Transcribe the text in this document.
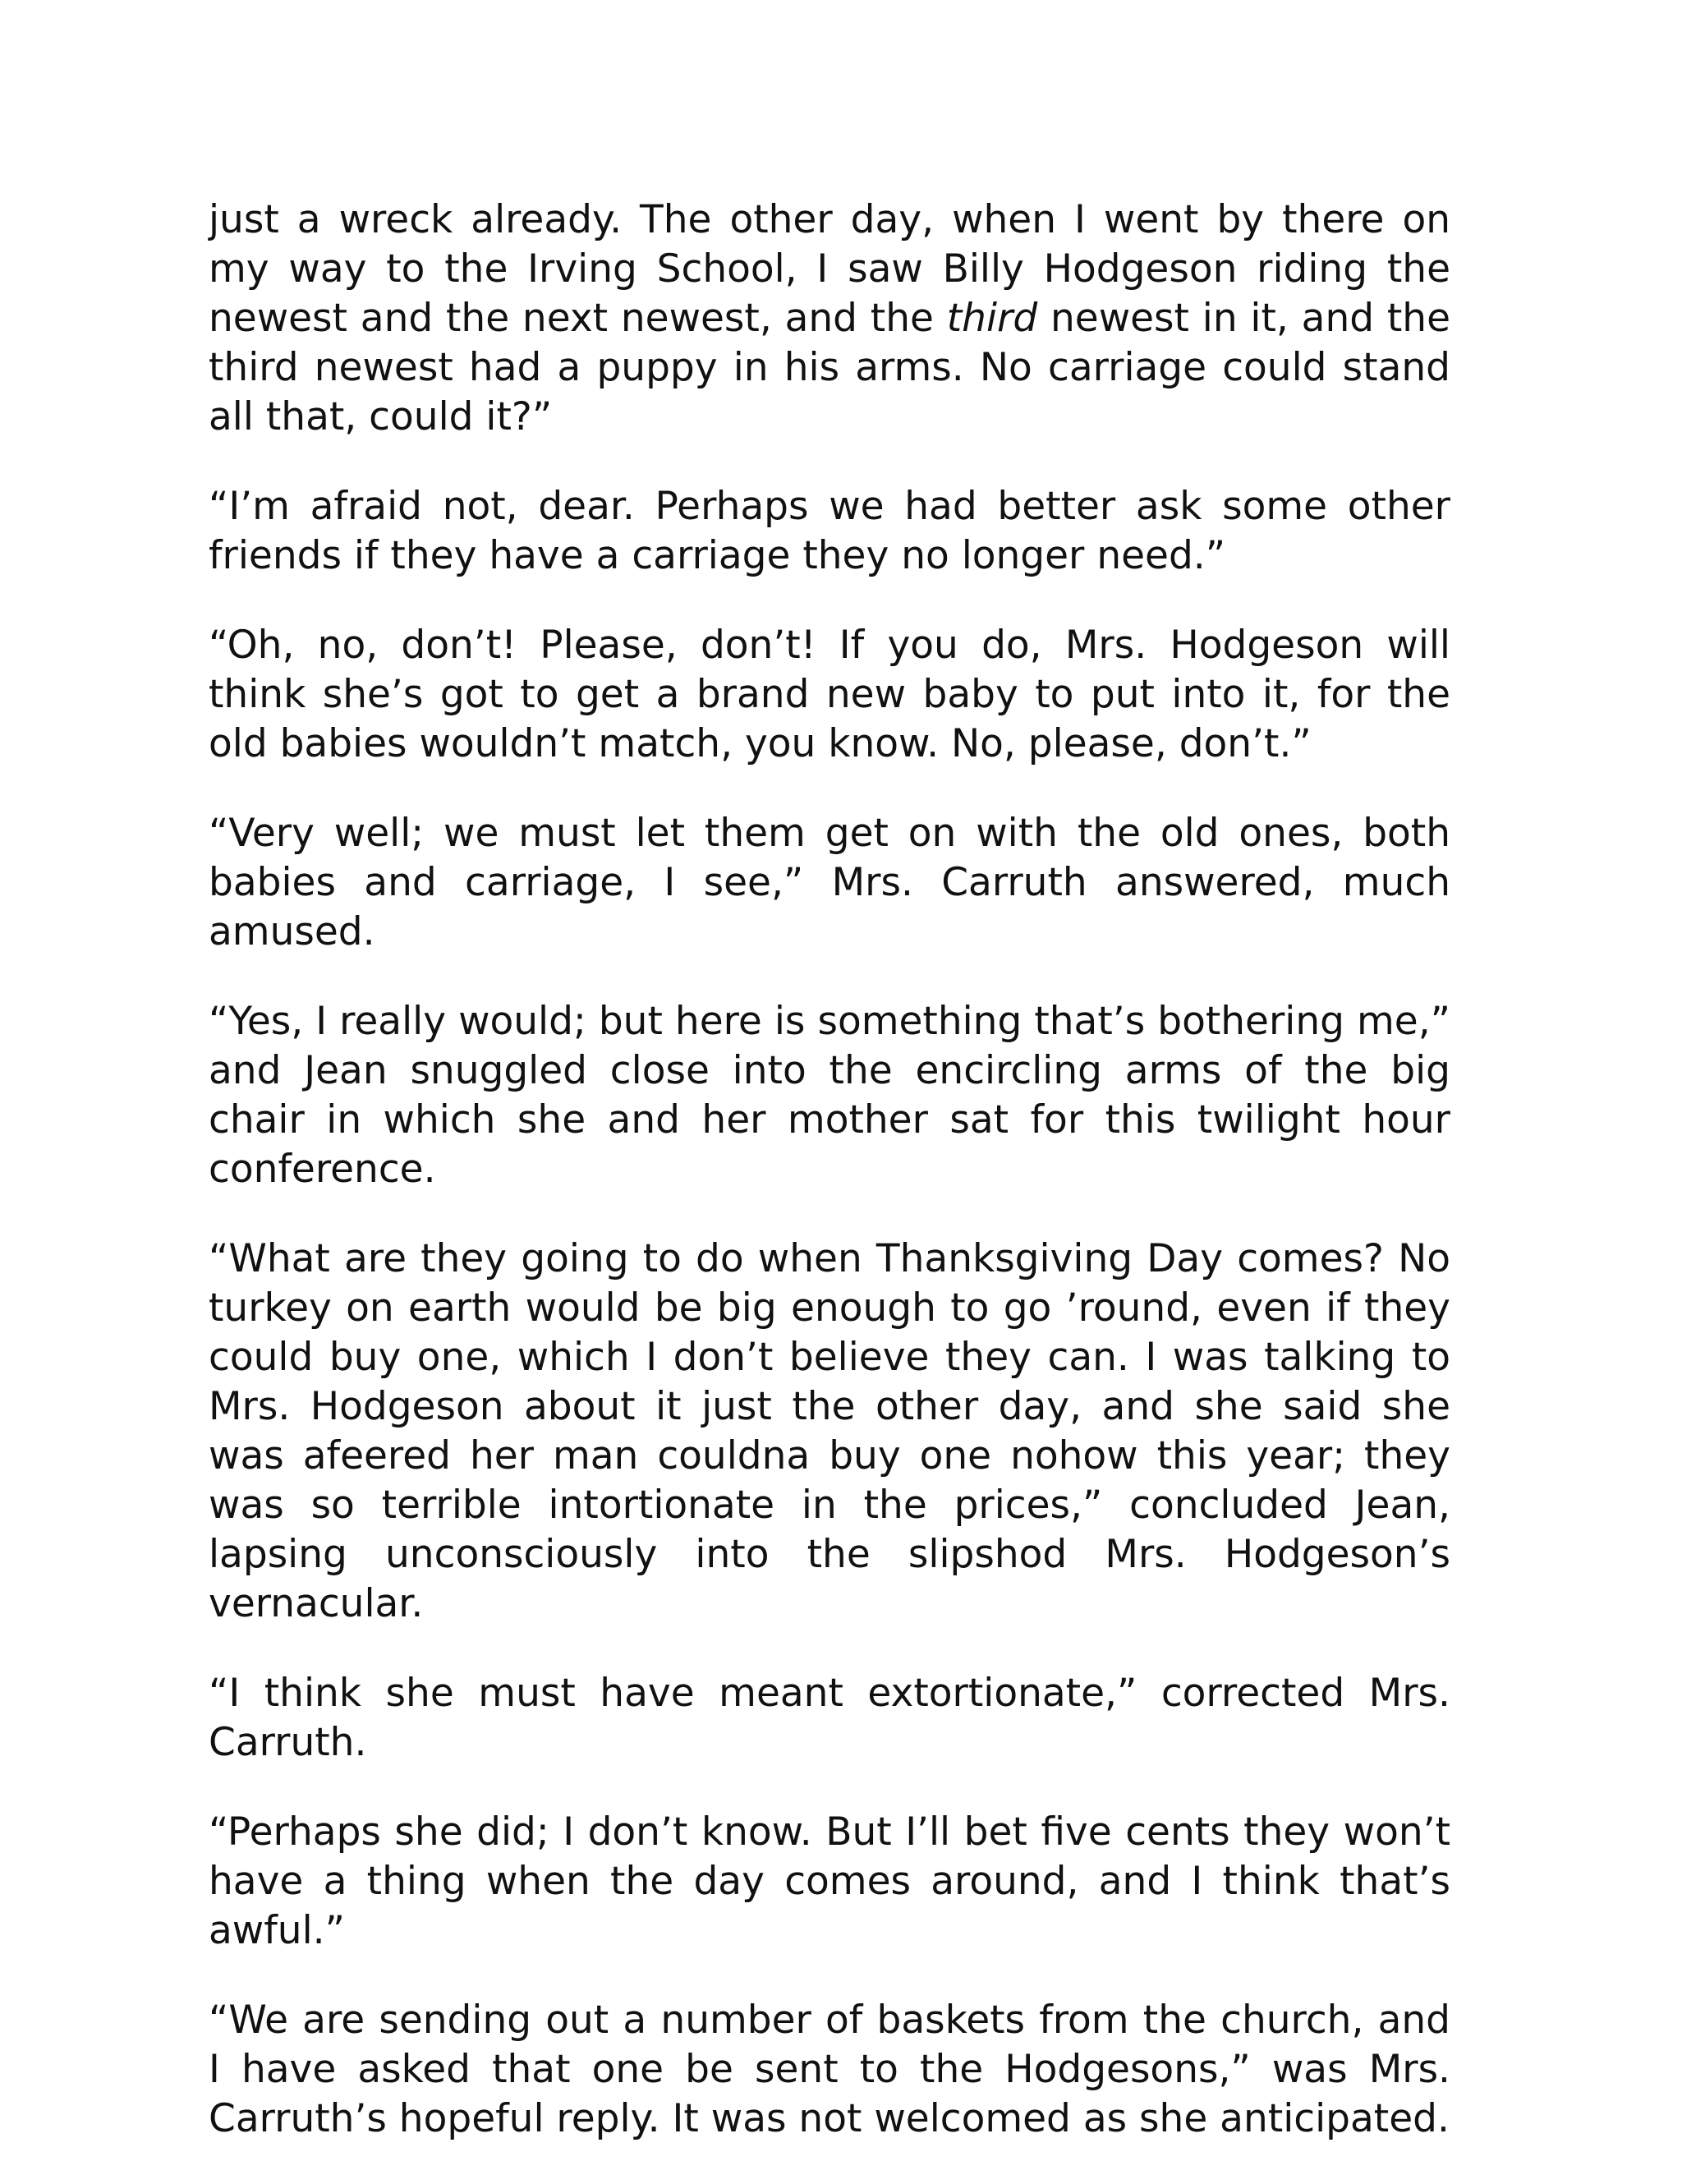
just a wreck already. The other day, when I went by there on my way to the Irving School, I saw Billy Hodgeson riding the newest and the next newest, and the third newest in it, and the third newest had a puppy in his arms. No carriage could stand all that, could it?”

“I’m afraid not, dear. Perhaps we had better ask some other friends if they have a carriage they no longer need.”

“Oh, no, don’t! Please, don’t! If you do, Mrs. Hodgeson will think she’s got to get a brand new baby to put into it, for the old babies wouldn’t match, you know. No, please, don’t.”

“Very well; we must let them get on with the old ones, both babies and carriage, I see,” Mrs. Carruth answered, much amused.

“Yes, I really would; but here is something that’s bothering me,” and Jean snuggled close into the encircling arms of the big chair in which she and her mother sat for this twilight hour conference.

“What are they going to do when Thanksgiving Day comes? No turkey on earth would be big enough to go ’round, even if they could buy one, which I don’t believe they can. I was talking to Mrs. Hodgeson about it just the other day, and she said she was afeered her man couldna buy one nohow this year; they was so terrible intortionate in the prices,” concluded Jean, lapsing unconsciously into the slipshod Mrs. Hodgeson’s vernacular.

“I think she must have meant extortionate,” corrected Mrs. Carruth.

“Perhaps she did; I don’t know. But I’ll bet five cents they won’t have a thing when the day comes around, and I think that’s awful.”

“We are sending out a number of baskets from the church, and I have asked that one be sent to the Hodgesons,” was Mrs. Carruth’s hopeful reply. It was not welcomed as she anticipated.
